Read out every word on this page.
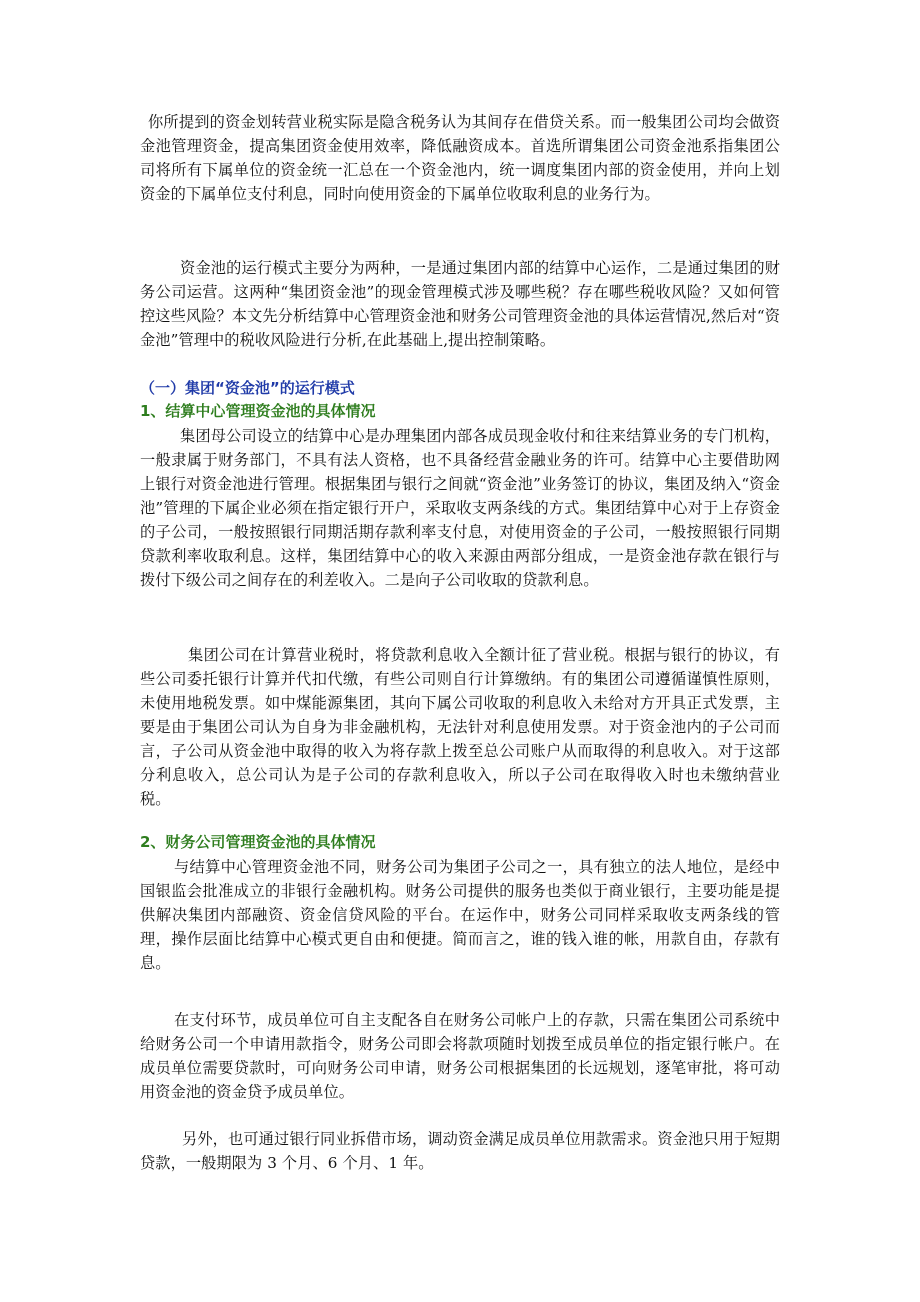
你所提到的资金划转营业税实际是隐含税务认为其间存在借贷关系。而一般集团公司均会做资金池管理资金，提高集团资金使用效率，降低融资成本。首选所谓集团公司资金池系指集团公司将所有下属单位的资金统一汇总在一个资金池内，统一调度集团内部的资金使用，并向上划资金的下属单位支付利息，同时向使用资金的下属单位收取利息的业务行为。

资金池的运行模式主要分为两种，一是通过集团内部的结算中心运作，二是通过集团的财务公司运营。这两种“集团资金池”的现金管理模式涉及哪些税？存在哪些税收风险？又如何管控这些风险？本文先分析结算中心管理资金池和财务公司管理资金池的具体运营情况,然后对“资金池”管理中的税收风险进行分析,在此基础上,提出控制策略。

（一）集团“资金池”的运行模式
1、结算中心管理资金池的具体情况

集团母公司设立的结算中心是办理集团内部各成员现金收付和往来结算业务的专门机构，一般隶属于财务部门，不具有法人资格，也不具备经营金融业务的许可。结算中心主要借助网上银行对资金池进行管理。根据集团与银行之间就“资金池”业务签订的协议，集团及纳入“资金池”管理的下属企业必须在指定银行开户，采取收支两条线的方式。集团结算中心对于上存资金的子公司，一般按照银行同期活期存款利率支付息，对使用资金的子公司，一般按照银行同期贷款利率收取利息。这样，集团结算中心的收入来源由两部分组成，一是资金池存款在银行与拨付下级公司之间存在的利差收入。二是向子公司收取的贷款利息。

集团公司在计算营业税时，将贷款利息收入全额计征了营业税。根据与银行的协议，有些公司委托银行计算并代扣代缴，有些公司则自行计算缴纳。有的集团公司遵循谨慎性原则，未使用地税发票。如中煤能源集团，其向下属公司收取的利息收入未给对方开具正式发票，主要是由于集团公司认为自身为非金融机构，无法针对利息使用发票。对于资金池内的子公司而言，子公司从资金池中取得的收入为将存款上拨至总公司账户从而取得的利息收入。对于这部分利息收入，总公司认为是子公司的存款利息收入，所以子公司在取得收入时也未缴纳营业税。

2、财务公司管理资金池的具体情况

与结算中心管理资金池不同，财务公司为集团子公司之一，具有独立的法人地位，是经中国银监会批准成立的非银行金融机构。财务公司提供的服务也类似于商业银行，主要功能是提供解决集团内部融资、资金信贷风险的平台。在运作中，财务公司同样采取收支两条线的管理，操作层面比结算中心模式更自由和便捷。简而言之，谁的钱入谁的帐，用款自由，存款有息。

在支付环节，成员单位可自主支配各自在财务公司帐户上的存款，只需在集团公司系统中给财务公司一个申请用款指令，财务公司即会将款项随时划拨至成员单位的指定银行帐户。在成员单位需要贷款时，可向财务公司申请，财务公司根据集团的长远规划，逐笔审批，将可动用资金池的资金贷予成员单位。

另外，也可通过银行同业拆借市场，调动资金满足成员单位用款需求。资金池只用于短期贷款，一般期限为 3 个月、6 个月、1 年。
